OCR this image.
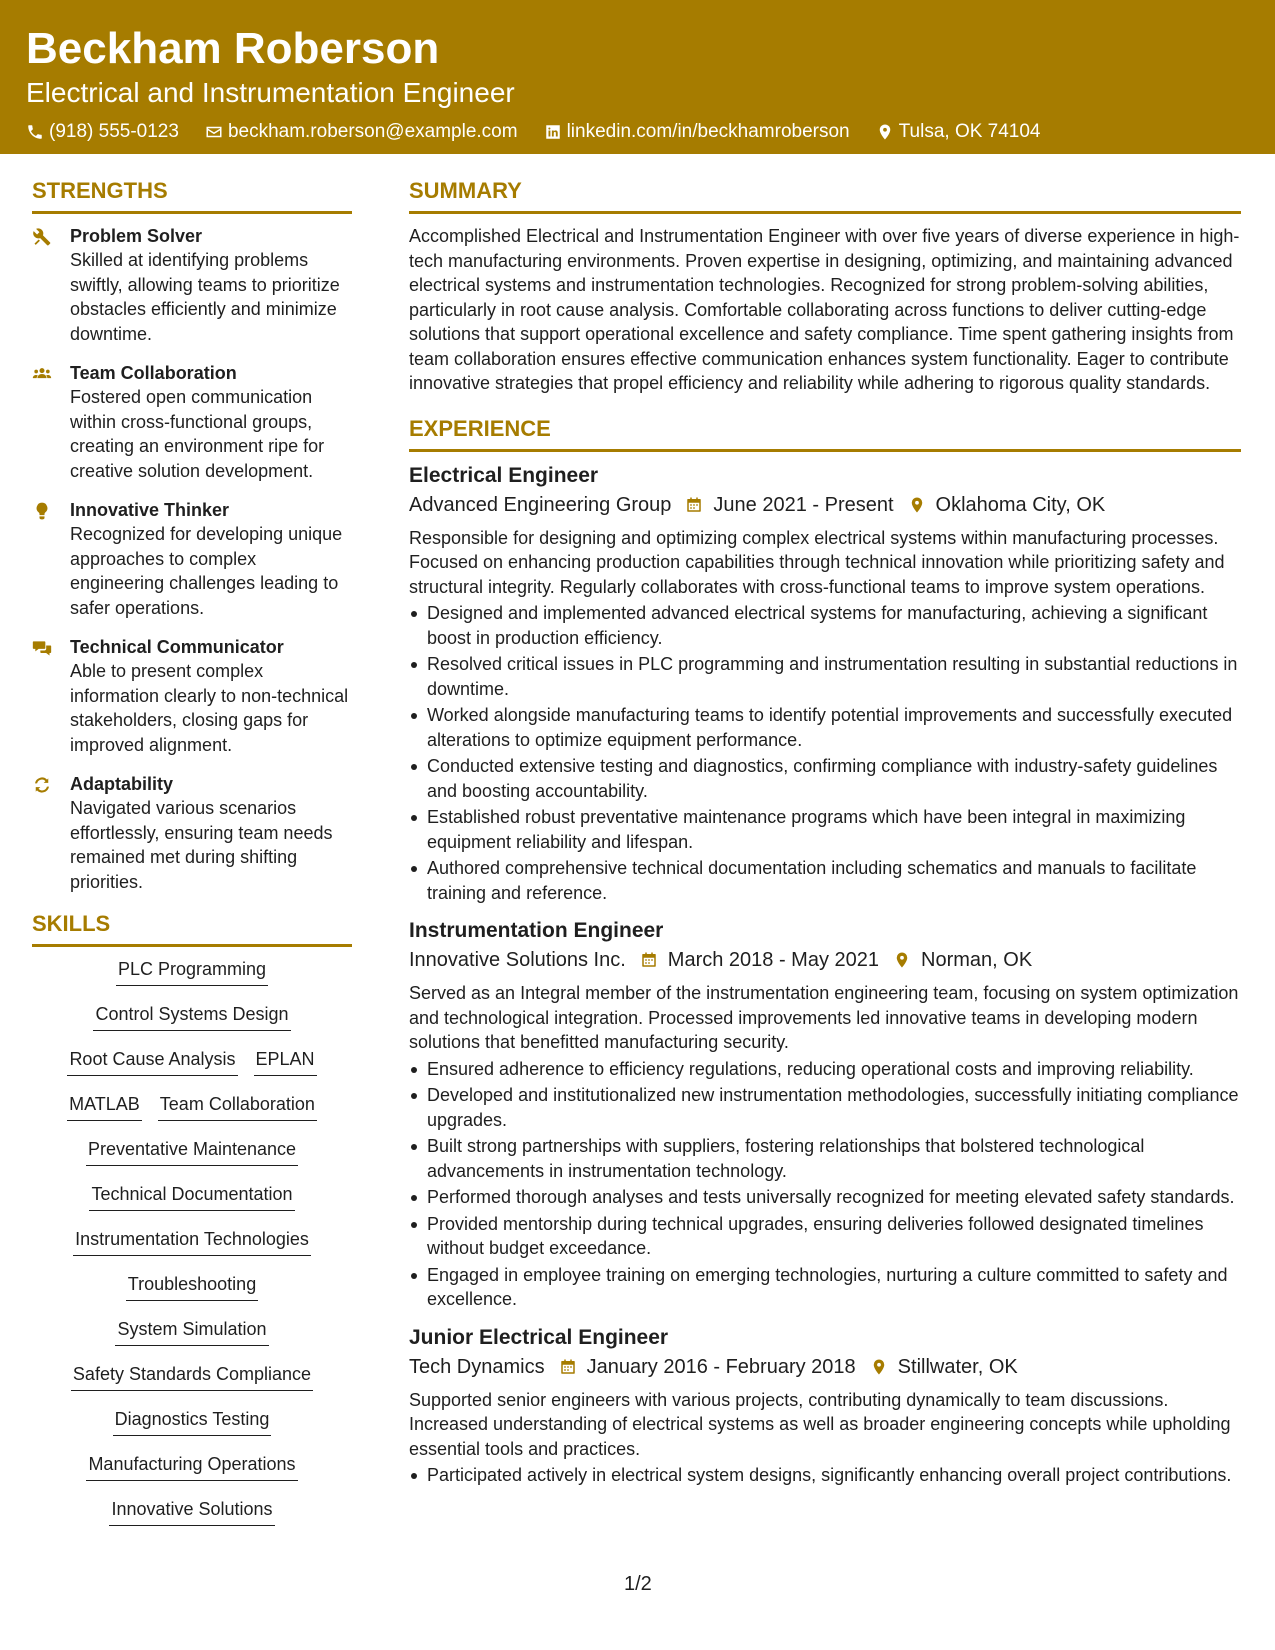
Beckham Roberson
Electrical and Instrumentation Engineer
(918) 555-0123	beckham.roberson@example.com	linkedin.com/in/beckhamroberson	Tulsa, OK 74104
STRENGTHS
Problem Solver
Skilled at identifying problems swiftly, allowing teams to prioritize obstacles efficiently and minimize downtime.
Team Collaboration
Fostered open communication within cross-functional groups, creating an environment ripe for creative solution development.
Innovative Thinker
Recognized for developing unique approaches to complex engineering challenges leading to safer operations.
Technical Communicator
Able to present complex information clearly to non-technical stakeholders, closing gaps for improved alignment.
Adaptability
Navigated various scenarios effortlessly, ensuring team needs remained met during shifting priorities.
SKILLS
PLC Programming
Control Systems Design
Root Cause Analysis EPLAN
MATLAB Team Collaboration
Preventative Maintenance
Technical Documentation
Instrumentation Technologies
Troubleshooting
System Simulation
Safety Standards Compliance
Diagnostics Testing
Manufacturing Operations
Innovative Solutions
SUMMARY
Accomplished Electrical and Instrumentation Engineer with over five years of diverse experience in high-tech manufacturing environments. Proven expertise in designing, optimizing, and maintaining advanced electrical systems and instrumentation technologies. Recognized for strong problem-solving abilities, particularly in root cause analysis. Comfortable collaborating across functions to deliver cutting-edge solutions that support operational excellence and safety compliance. Time spent gathering insights from team collaboration ensures effective communication enhances system functionality. Eager to contribute innovative strategies that propel efficiency and reliability while adhering to rigorous quality standards.
EXPERIENCE
Electrical Engineer
Advanced Engineering Group June 2021 - Present Oklahoma City, OK
Responsible for designing and optimizing complex electrical systems within manufacturing processes. Focused on enhancing production capabilities through technical innovation while prioritizing safety and structural integrity. Regularly collaborates with cross-functional teams to improve system operations.
Designed and implemented advanced electrical systems for manufacturing, achieving a significant boost in production efficiency.
Resolved critical issues in PLC programming and instrumentation resulting in substantial reductions in downtime.
Worked alongside manufacturing teams to identify potential improvements and successfully executed alterations to optimize equipment performance.
Conducted extensive testing and diagnostics, confirming compliance with industry-safety guidelines and boosting accountability.
Established robust preventative maintenance programs which have been integral in maximizing equipment reliability and lifespan.
Authored comprehensive technical documentation including schematics and manuals to facilitate training and reference.
Instrumentation Engineer
Innovative Solutions Inc. March 2018 - May 2021 Norman, OK
Served as an Integral member of the instrumentation engineering team, focusing on system optimization and technological integration. Processed improvements led innovative teams in developing modern solutions that benefitted manufacturing security.
Ensured adherence to efficiency regulations, reducing operational costs and improving reliability.
Developed and institutionalized new instrumentation methodologies, successfully initiating compliance upgrades.
Built strong partnerships with suppliers, fostering relationships that bolstered technological advancements in instrumentation technology.
Performed thorough analyses and tests universally recognized for meeting elevated safety standards.
Provided mentorship during technical upgrades, ensuring deliveries followed designated timelines without budget exceedance.
Engaged in employee training on emerging technologies, nurturing a culture committed to safety and excellence.
Junior Electrical Engineer
Tech Dynamics January 2016 - February 2018 Stillwater, OK
Supported senior engineers with various projects, contributing dynamically to team discussions. Increased understanding of electrical systems as well as broader engineering concepts while upholding essential tools and practices.
Participated actively in electrical system designs, significantly enhancing overall project contributions.
1/2
